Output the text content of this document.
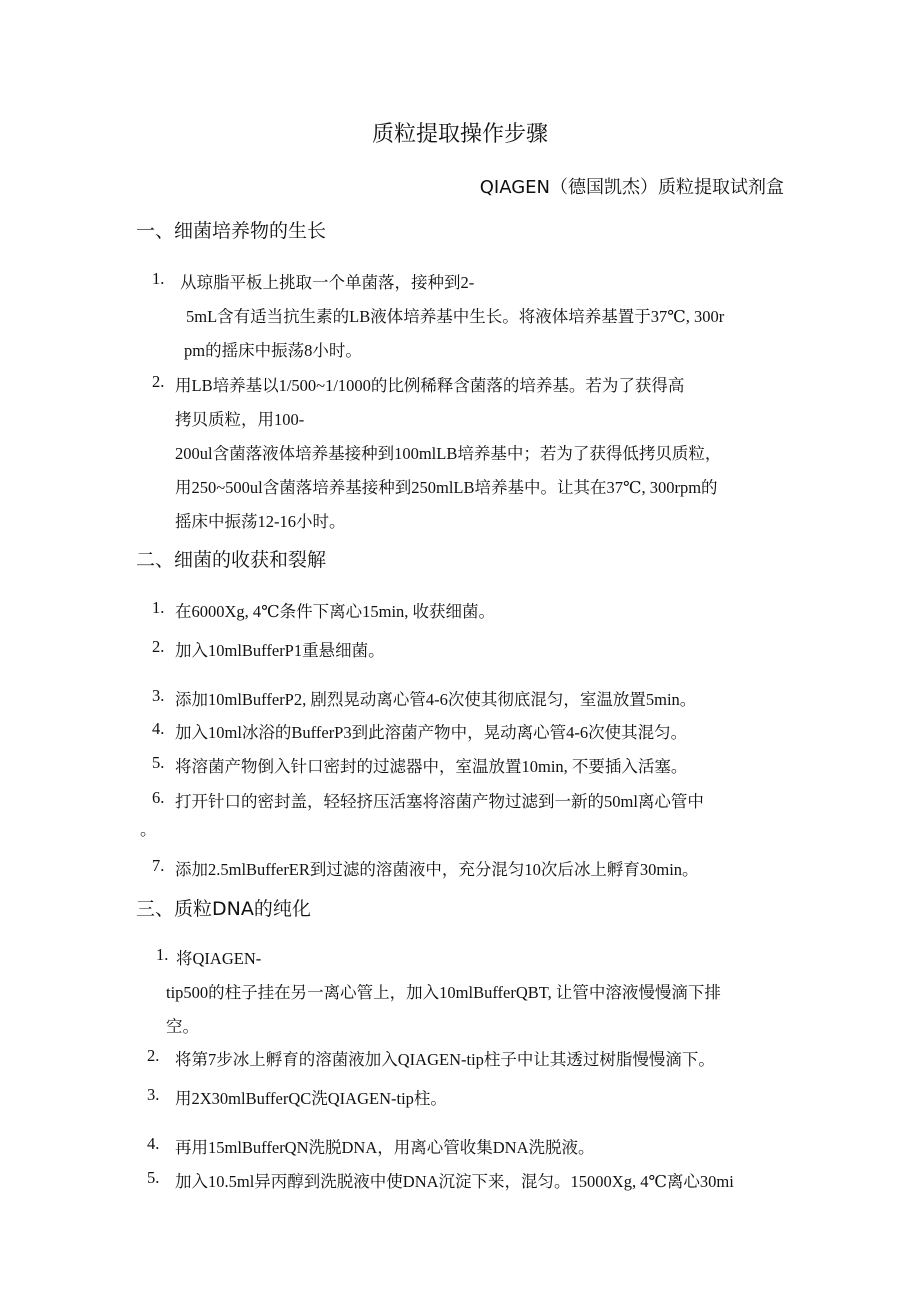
质粒提取操作步骤
QIAGEN（德国凯杰）质粒提取试剂盒
一、细菌培养物的生长
1. 从琼脂平板上挑取一个单菌落，接种到2-
5mL含有适当抗生素的LB液体培养基中生长。将液体培养基置于37℃, 300r
pm的摇床中振荡8小时。
2. 用LB培养基以1/500~1/1000的比例稀释含菌落的培养基。若为了获得高
拷贝质粒，用100-
200ul含菌落液体培养基接种到100mlLB培养基中；若为了获得低拷贝质粒，
用250~500ul含菌落培养基接种到250mlLB培养基中。让其在37℃, 300rpm的
摇床中振荡12-16小时。
二、细菌的收获和裂解
1. 在6000Xg, 4℃条件下离心15min, 收获细菌。
2. 加入10mlBufferP1重悬细菌。
3. 添加10mlBufferP2, 剧烈晃动离心管4-6次使其彻底混匀，室温放置5min。
4. 加入10ml冰浴的BufferP3到此溶菌产物中，晃动离心管4-6次使其混匀。
5. 将溶菌产物倒入针口密封的过滤器中，室温放置10min, 不要插入活塞。
6. 打开针口的密封盖，轻轻挤压活塞将溶菌产物过滤到一新的50ml离心管中
。
7. 添加2.5mlBufferER到过滤的溶菌液中，充分混匀10次后冰上孵育30min。
三、质粒DNA的纯化
1. 将QIAGEN-
tip500的柱子挂在另一离心管上，加入10mlBufferQBT, 让管中溶液慢慢滴下排
空。
2. 将第7步冰上孵育的溶菌液加入QIAGEN-tip柱子中让其透过树脂慢慢滴下。
3. 用2X30mlBufferQC洗QIAGEN-tip柱。
4. 再用15mlBufferQN洗脱DNA，用离心管收集DNA洗脱液。
5. 加入10.5ml异丙醇到洗脱液中使DNA沉淀下来，混匀。15000Xg, 4℃离心30mi
